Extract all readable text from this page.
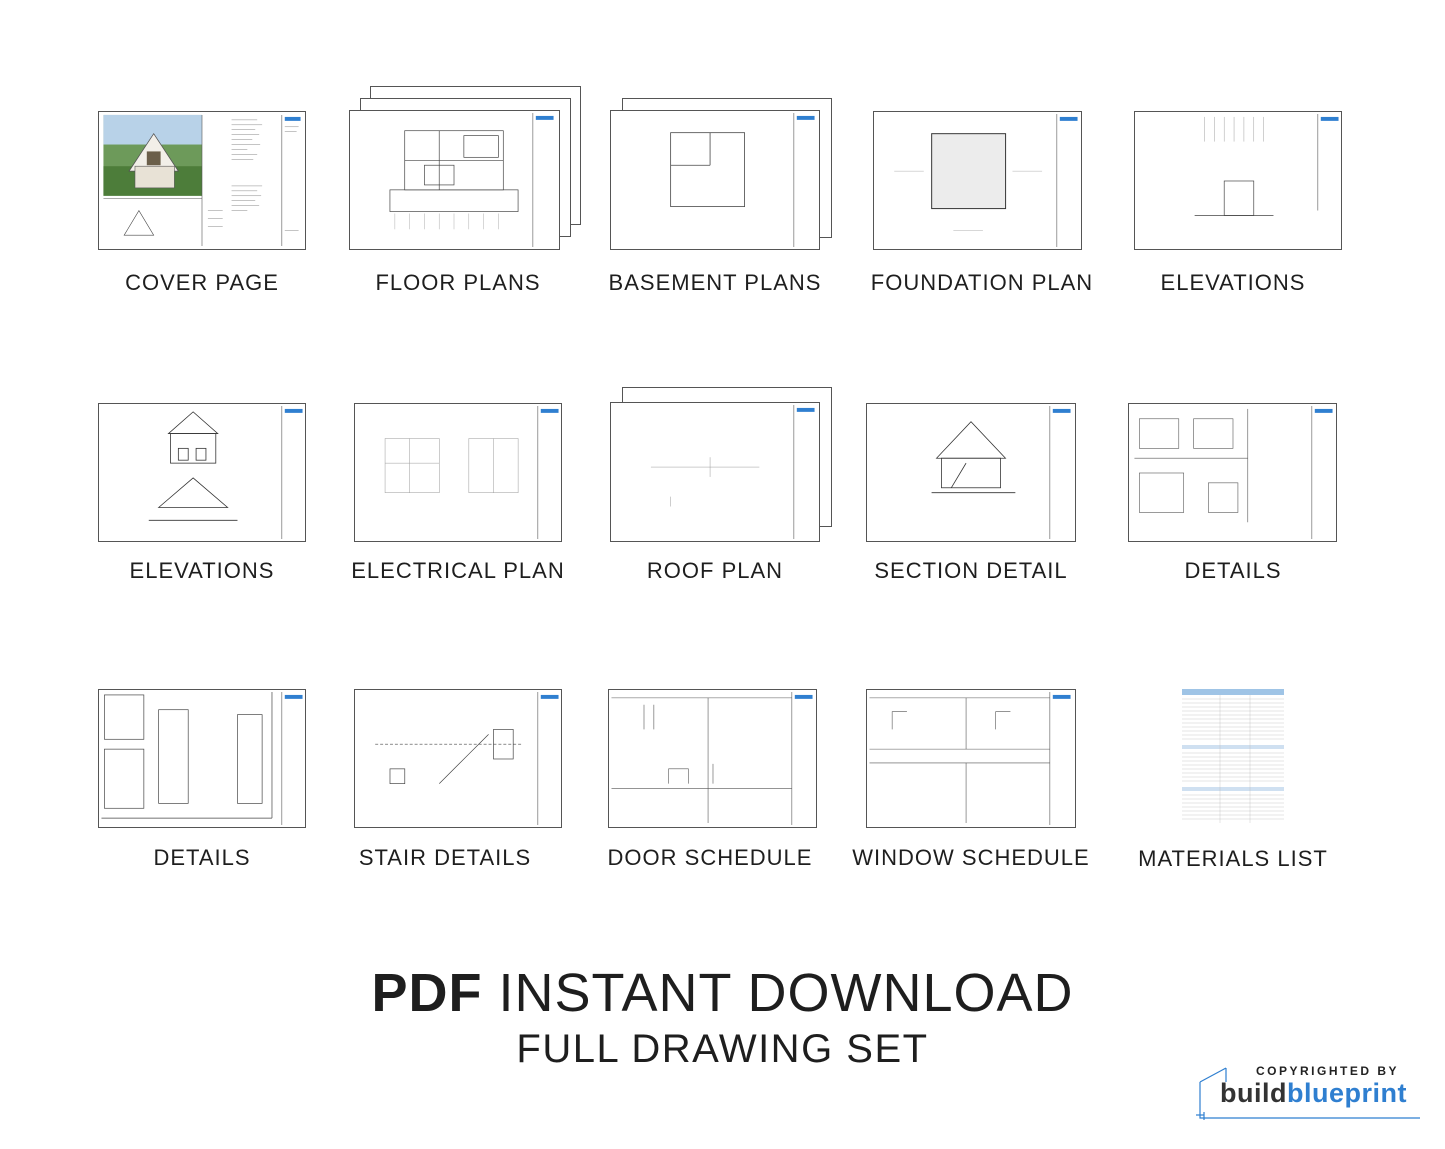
COVER PAGE	FLOOR PLANS	BASEMENT PLANS	FOUNDATION PLAN	ELEVATIONS
ELEVATIONS	ELECTRICAL PLAN	ROOF PLAN	SECTION DETAIL	DETAILS
DETAILS	STAIR DETAILS	DOOR SCHEDULE	WINDOW SCHEDULE	MATERIALS LIST
PDF INSTANT DOWNLOAD
FULL DRAWING SET	COPYRIGHTED BY
buildblueprint
